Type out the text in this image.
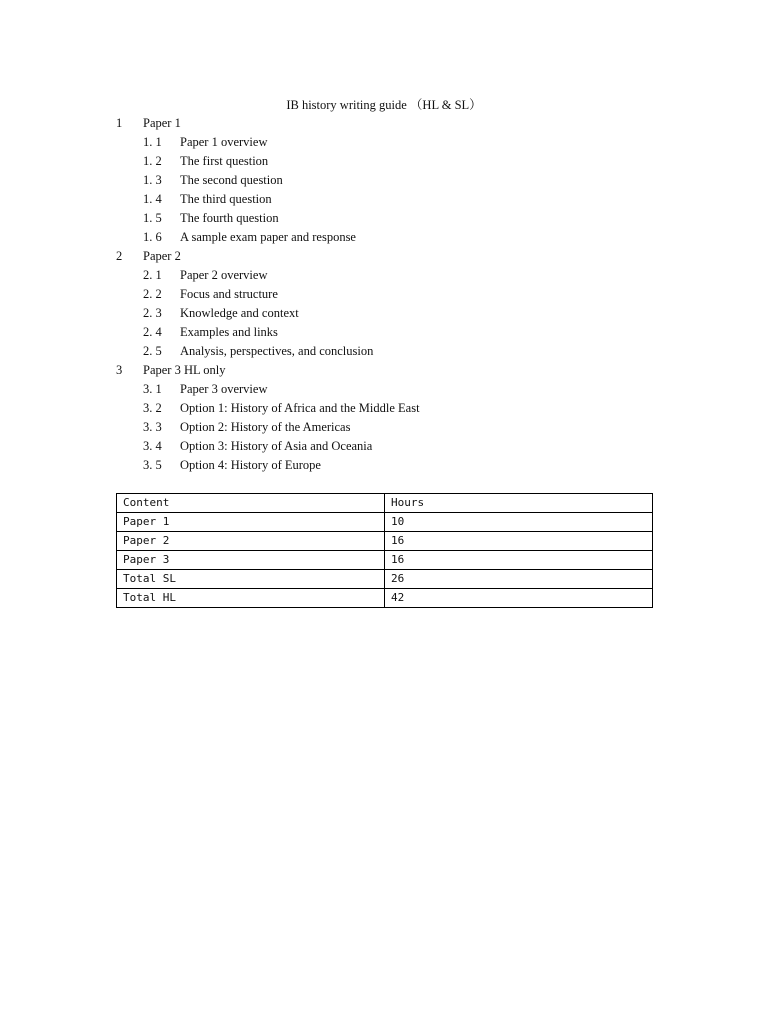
IB history writing guide （HL & SL）
1 Paper 1
1. 1 Paper 1 overview
1. 2 The first question
1. 3 The second question
1. 4 The third question
1. 5 The fourth question
1. 6 A sample exam paper and response
2 Paper 2
2. 1 Paper 2 overview
2. 2 Focus and structure
2. 3 Knowledge and context
2. 4 Examples and links
2. 5 Analysis, perspectives, and conclusion
3 Paper 3 HL only
3. 1 Paper 3 overview
3. 2 Option 1: History of Africa and the Middle East
3. 3 Option 2: History of the Americas
3. 4 Option 3: History of Asia and Oceania
3. 5 Option 4: History of Europe
Content	Hours
Paper 1	10
Paper 2	16
Paper 3	16
Total SL	26
Total HL	42
